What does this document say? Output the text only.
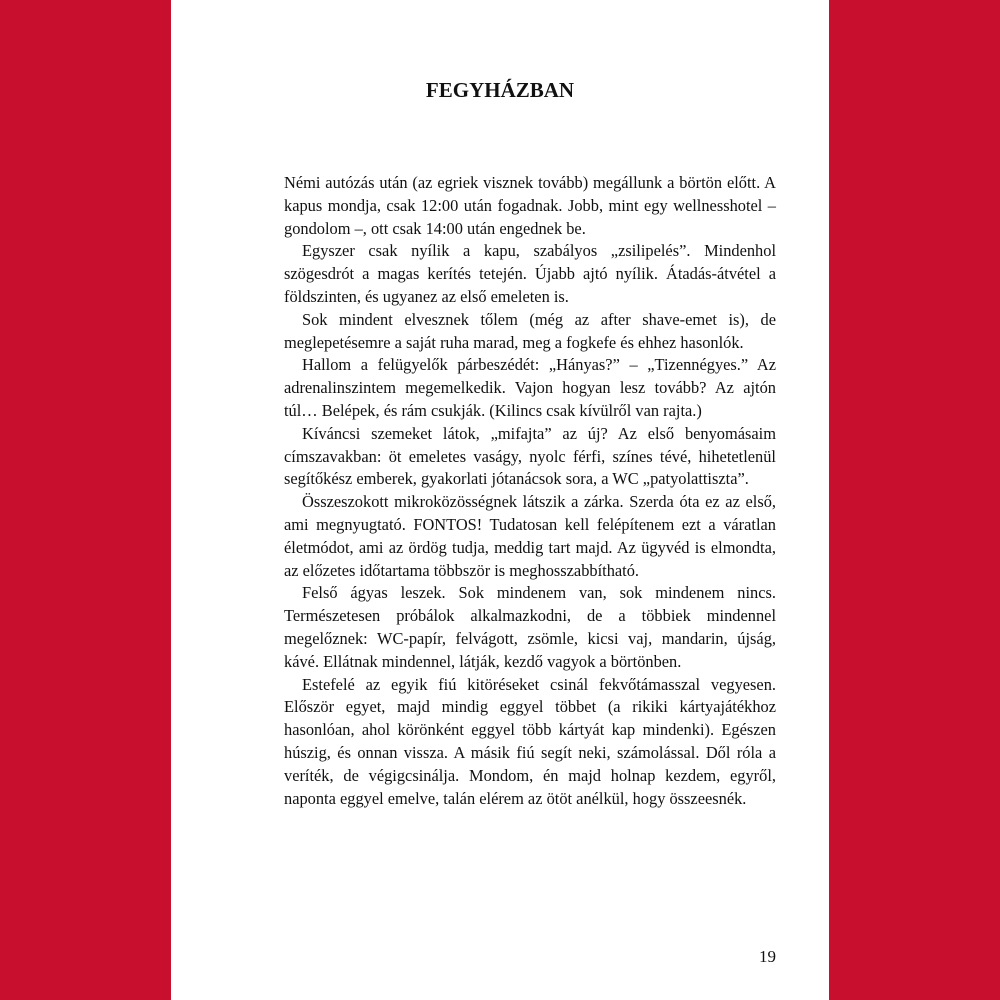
FEGYHÁZBAN

Némi autózás után (az egriek visznek tovább) megállunk a börtön előtt. A kapus mondja, csak 12:00 után fogadnak. Jobb, mint egy wellnesshotel – gondolom –, ott csak 14:00 után engednek be.

Egyszer csak nyílik a kapu, szabályos „zsilipelés”. Mindenhol szögesdrót a magas kerítés tetején. Újabb ajtó nyílik. Átadás-átvétel a földszinten, és ugyanez az első emeleten is.

Sok mindent elvesznek tőlem (még az after shave-emet is), de meglepetésemre a saját ruha marad, meg a fogkefe és ehhez hasonlók.

Hallom a felügyelők párbeszédét: „Hányas?” – „Tizennégyes.” Az adrenalinszintem megemelkedik. Vajon hogyan lesz tovább? Az ajtón túl… Belépek, és rám csukják. (Kilincs csak kívülről van rajta.)

Kíváncsi szemeket látok, „mifajta” az új? Az első benyomásaim címszavakban: öt emeletes vaságy, nyolc férfi, színes tévé, hihetetlenül segítőkész emberek, gyakorlati jótanácsok sora, a WC „patyolattiszta”.

Összeszokott mikroközösségnek látszik a zárka. Szerda óta ez az első, ami megnyugtató. FONTOS! Tudatosan kell felépítenem ezt a váratlan életmódot, ami az ördög tudja, meddig tart majd. Az ügyvéd is elmondta, az előzetes időtartama többször is meghosszabbítható.

Felső ágyas leszek. Sok mindenem van, sok mindenem nincs. Természetesen próbálok alkalmazkodni, de a többiek mindennel megelőznek: WC-papír, felvágott, zsömle, kicsi vaj, mandarin, újság, kávé. Ellátnak mindennel, látják, kezdő vagyok a börtönben.

Estefelé az egyik fiú kitöréseket csinál fekvőtámasszal vegyesen. Először egyet, majd mindig eggyel többet (a rikiki kártyajátékhoz hasonlóan, ahol körönként eggyel több kártyát kap mindenki). Egészen húszig, és onnan vissza. A másik fiú segít neki, számolással. Dől róla a veríték, de végigcsinálja. Mondom, én majd holnap kezdem, egyről, naponta eggyel emelve, talán elérem az ötöt anélkül, hogy összeesnék.

19
